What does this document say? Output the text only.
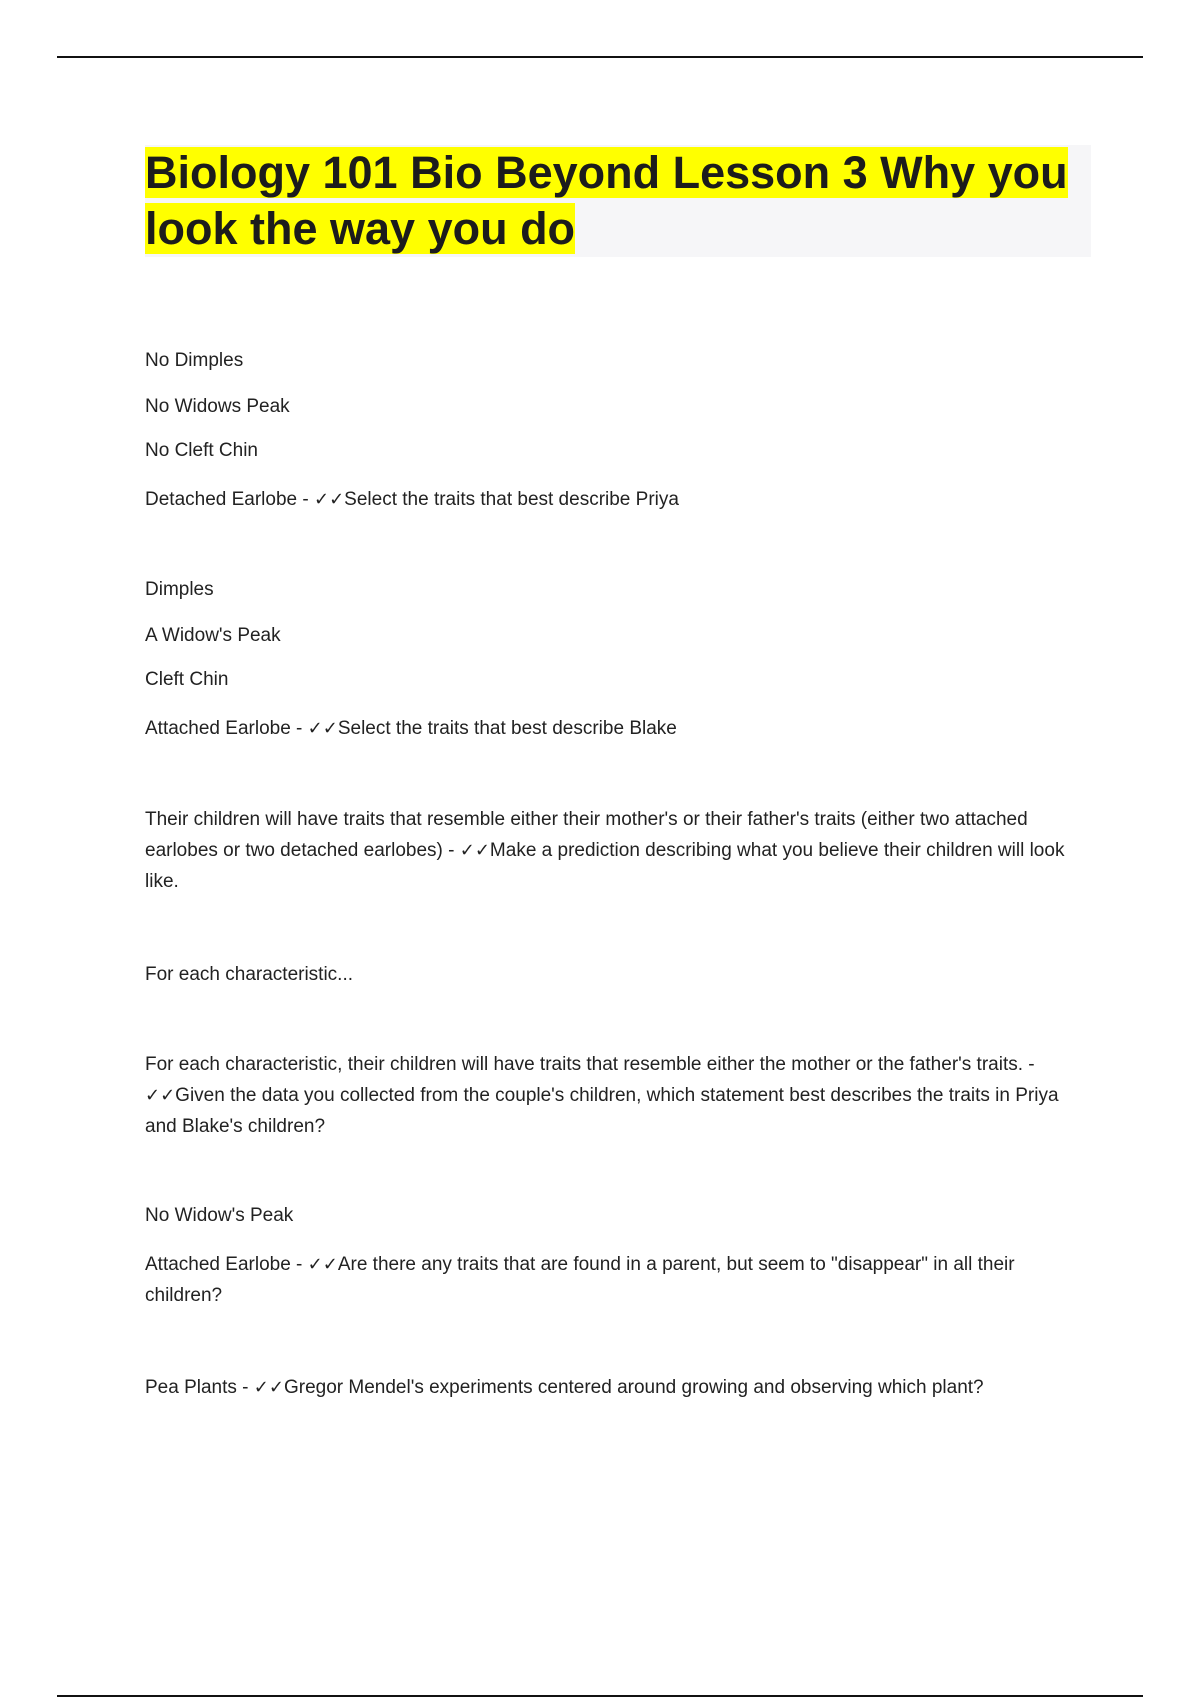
Biology 101 Bio Beyond Lesson 3 Why you look the way you do

No Dimples

No Widows Peak

No Cleft Chin

Detached Earlobe - ✓✓Select the traits that best describe Priya

Dimples

A Widow's Peak

Cleft Chin

Attached Earlobe - ✓✓Select the traits that best describe Blake

Their children will have traits that resemble either their mother's or their father's traits (either two attached earlobes or two detached earlobes) - ✓✓Make a prediction describing what you believe their children will look like.

For each characteristic...

For each characteristic, their children will have traits that resemble either the mother or the father's traits. - ✓✓Given the data you collected from the couple's children, which statement best describes the traits in Priya and Blake's children?

No Widow's Peak

Attached Earlobe - ✓✓Are there any traits that are found in a parent, but seem to "disappear" in all their children?

Pea Plants - ✓✓Gregor Mendel's experiments centered around growing and observing which plant?
